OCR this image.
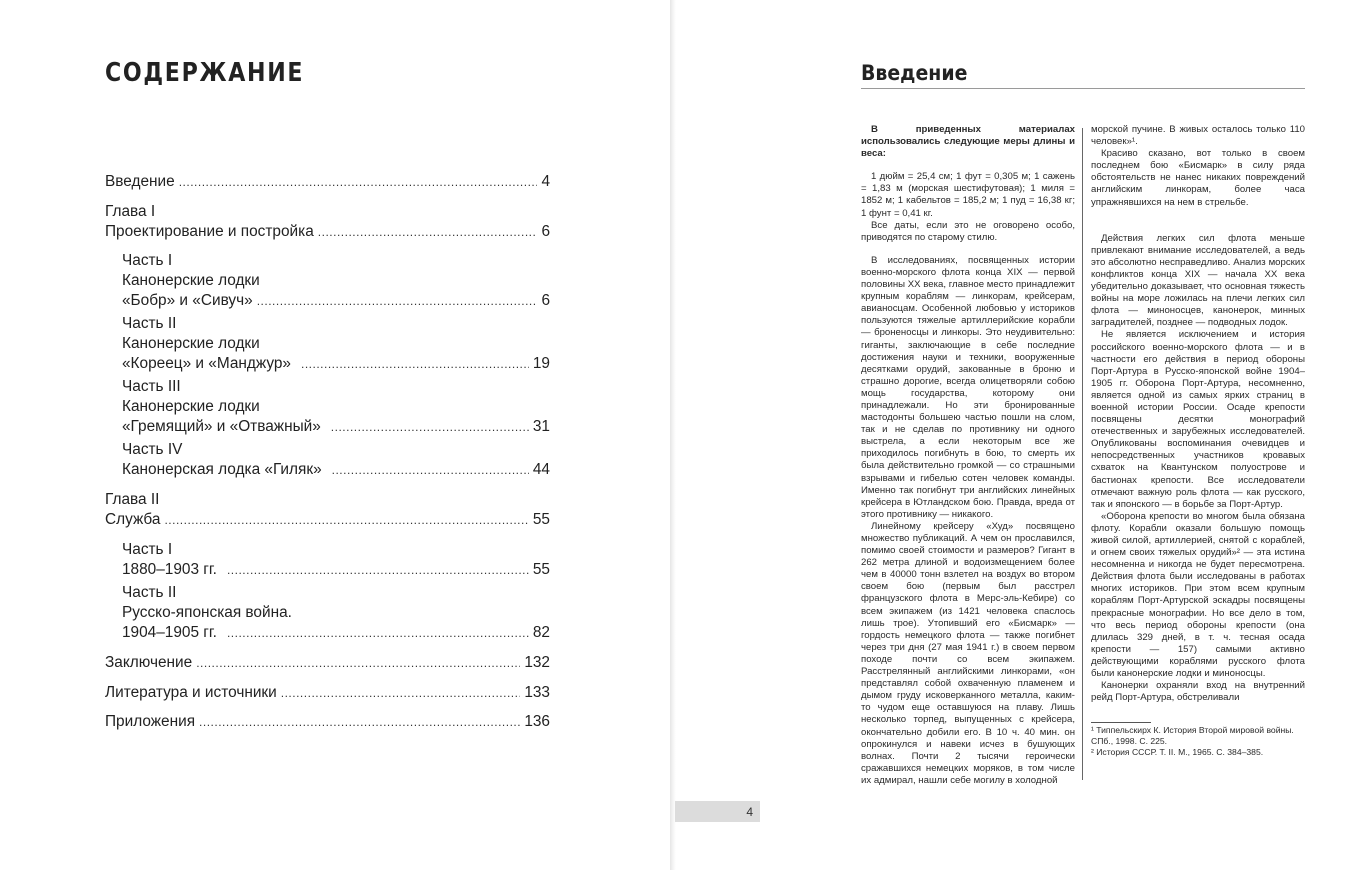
СОДЕРЖАНИЕ
Введение .....	4
Глава I
Проектирование и постройка .....	6
Часть I
Канонерские лодки
«Бобр» и «Сивуч» .....	6
Часть II
Канонерские лодки
«Кореец» и «Манджур» .....	19
Часть III
Канонерские лодки
«Гремящий» и «Отважный» .....	31
Часть IV
Канонерская лодка «Гиляк» .....	44
Глава II
Служба .....	55
Часть I
1880–1903 гг. .....	55
Часть II
Русско-японская война.
1904–1905 гг. .....	82
Заключение .....	132
Литература и источники .....	133
Приложения .....	136
Введение

В приведенных материалах использовались следующие меры длины и веса:

1 дюйм = 25,4 см; 1 фут = 0,305 м; 1 сажень = 1,83 м (морская шестифутовая); 1 миля = 1852 м; 1 кабельтов = 185,2 м; 1 пуд = 16,38 кг; 1 фунт = 0,41 кг.

Все даты, если это не оговорено особо, приводятся по старому стилю.

В исследованиях, посвященных истории военно-морского флота конца XIX — первой половины XX века, главное место принадлежит крупным кораблям — линкорам, крейсерам, авианосцам. Особенной любовью у историков пользуются тяжелые артиллерийские корабли — броненосцы и линкоры. Это неудивительно: гиганты, заключающие в себе последние достижения науки и техники, вооруженные десятками орудий, закованные в броню и страшно дорогие, всегда олицетворяли собою мощь государства, которому они принадлежали. Но эти бронированные мастодонты большею частью пошли на слом, так и не сделав по противнику ни одного выстрела, а если некоторым все же приходилось погибнуть в бою, то смерть их была действительно громкой — со страшными взрывами и гибелью сотен человек команды. Именно так погибнут три английских линейных крейсера в Ютландском бою. Правда, вреда от этого противнику — никакого.

Линейному крейсеру «Худ» посвящено множество публикаций. А чем он прославился, помимо своей стоимости и размеров? Гигант в 262 метра длиной и водоизмещением более чем в 40000 тонн взлетел на воздух во втором своем бою (первым был расстрел французского флота в Мерс-эль-Кебире) со всем экипажем (из 1421 человека спаслось лишь трое). Утопивший его «Бисмарк» — гордость немецкого флота — также погибнет через три дня (27 мая 1941 г.) в своем первом походе почти со всем экипажем. Расстрелянный английскими линкорами, «он представлял собой охваченную пламенем и дымом груду исковерканного металла, каким-то чудом еще оставшуюся на плаву. Лишь несколько торпед, выпущенных с крейсера, окончательно добили его. В 10 ч. 40 мин. он опрокинулся и навеки исчез в бушующих волнах. Почти 2 тысячи героически сражавшихся немецких моряков, в том числе их адмирал, нашли себе могилу в холодной

морской пучине. В живых осталось только 110 человек»¹.

Красиво сказано, вот только в своем последнем бою «Бисмарк» в силу ряда обстоятельств не нанес никаких повреждений английским линкорам, более часа упражнявшихся на нем в стрельбе.

Действия легких сил флота меньше привлекают внимание исследователей, а ведь это абсолютно несправедливо. Анализ морских конфликтов конца XIX — начала XX века убедительно доказывает, что основная тяжесть войны на море ложилась на плечи легких сил флота — миноносцев, канонерок, минных заградителей, позднее — подводных лодок.

Не является исключением и история российского военно-морского флота — и в частности его действия в период обороны Порт-Артура в Русско-японской войне 1904–1905 гг. Оборона Порт-Артура, несомненно, является одной из самых ярких страниц в военной истории России. Осаде крепости посвящены десятки монографий отечественных и зарубежных исследователей. Опубликованы воспоминания очевидцев и непосредственных участников кровавых схваток на Квантунском полуострове и бастионах крепости. Все исследователи отмечают важную роль флота — как русского, так и японского — в борьбе за Порт-Артур.

«Оборона крепости во многом была обязана флоту. Корабли оказали большую помощь живой силой, артиллерией, снятой с кораблей, и огнем своих тяжелых орудий»² — эта истина несомненна и никогда не будет пересмотрена. Действия флота были исследованы в работах многих историков. При этом всем крупным кораблям Порт-Артурской эскадры посвящены прекрасные монографии. Но все дело в том, что весь период обороны крепости (она длилась 329 дней, в т. ч. тесная осада крепости — 157) самыми активно действующими кораблями русского флота были канонерские лодки и миноносцы.

Канонерки охраняли вход на внутренний рейд Порт-Артура, обстреливали

¹ Типпельскирх К. История Второй мировой войны. СПб., 1998. С. 225.

² История СССР. Т. II. М., 1965. С. 384–385.

4
